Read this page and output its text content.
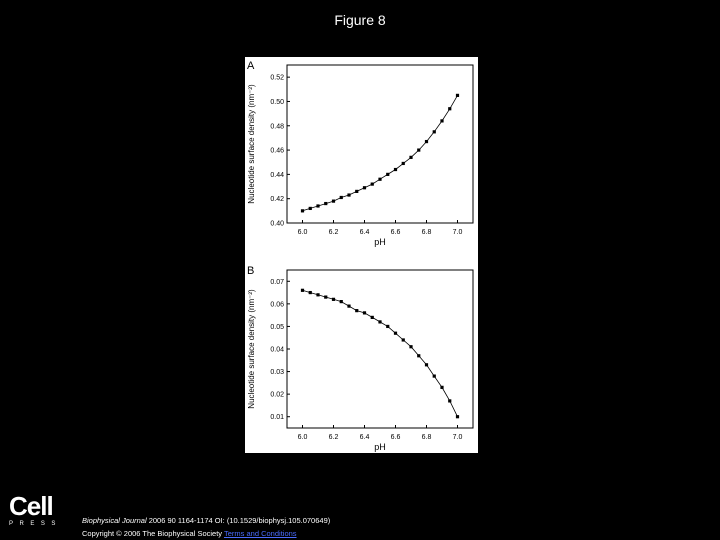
Figure 8
A
6.0	6.2	6.4	6.6	6.8	7.0
0.40
0.42
0.44
0.46
0.48
0.50
0.52
pH
Nucleotide surface density (nm⁻²)
B
6.0	6.2	6.4	6.6	6.8	7.0
0.01
0.02
0.03
0.04
0.05
0.06
0.07
pH
Nucleotide surface density (nm⁻²)
Cell
PRESS	Biophysical Journal 2006 90 1164-1174 OI: (10.1529/biophysj.105.070649)
Copyright © 2006 The Biophysical Society Terms and Conditions
